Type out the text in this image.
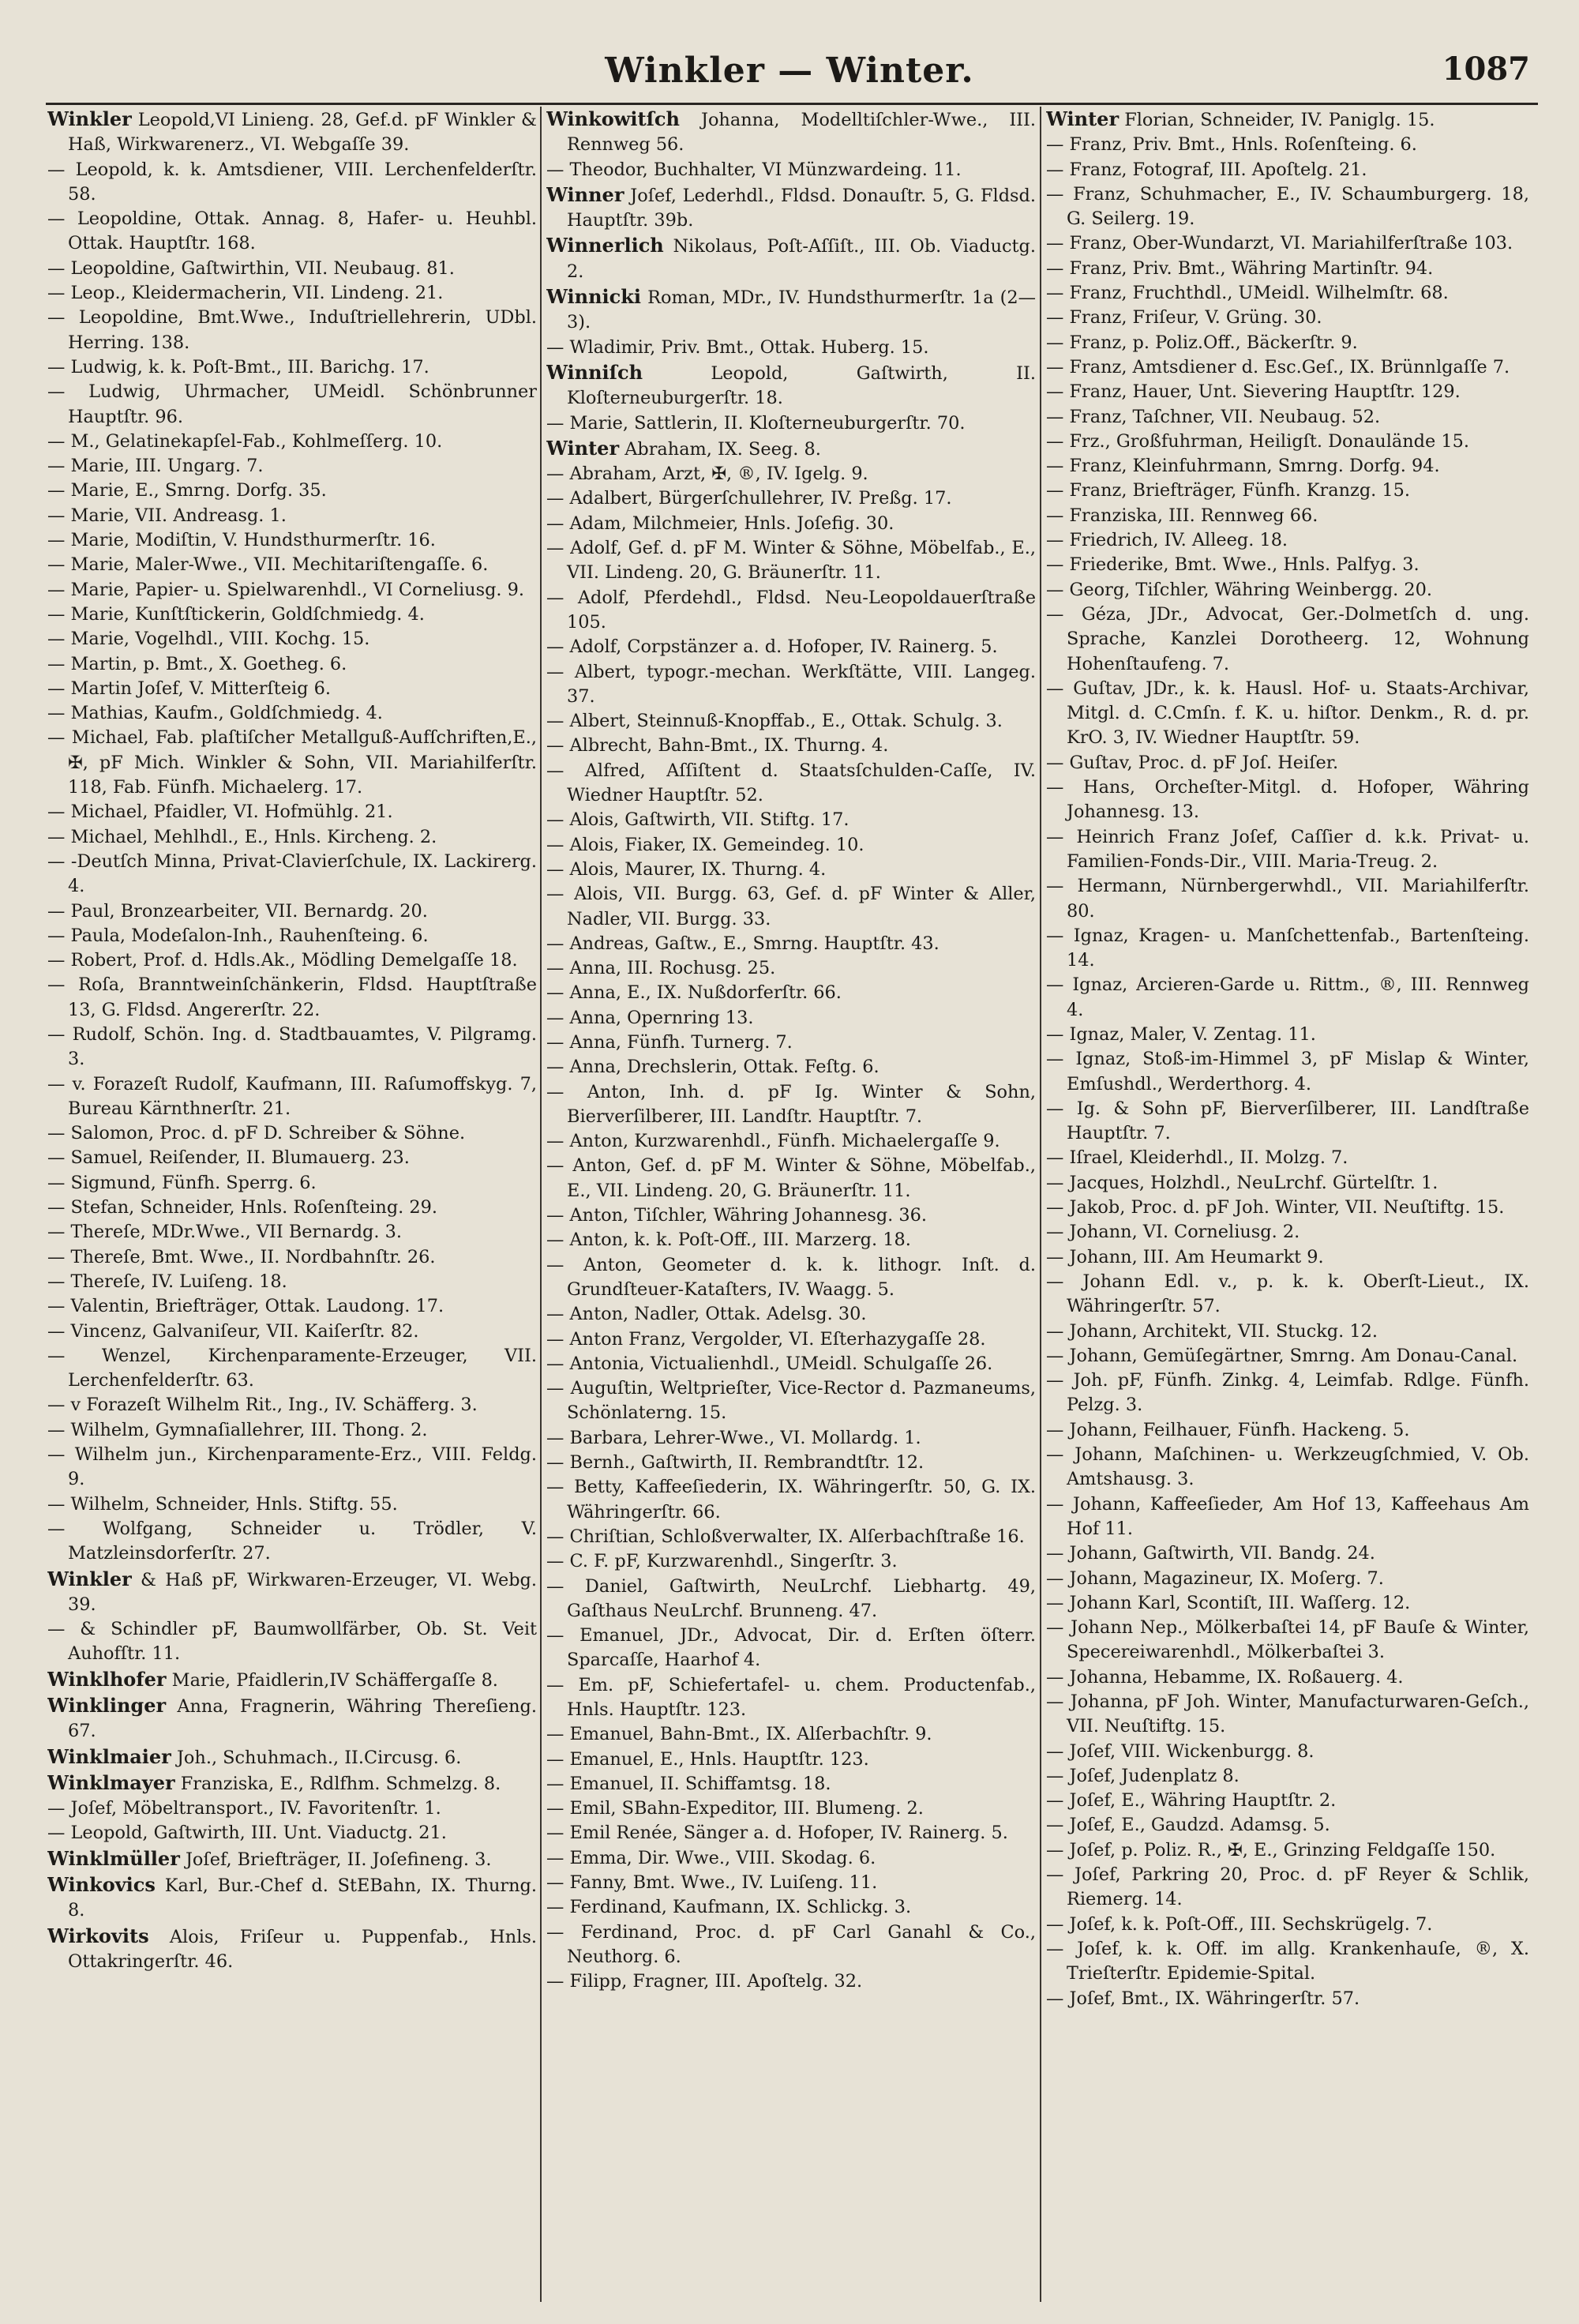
Winkler — Winter.	1087
Winkler Leopold,VI Linieng. 28, Gef.d. pF Winkler & Haß, Wirkwarenerz., VI. Webgaſſe 39.
— Leopold, k. k. Amtsdiener, VIII. Lerchenfelderſtr. 58.
— Leopoldine, Ottak. Annag. 8, Hafer- u. Heuhbl. Ottak. Hauptſtr. 168.
— Leopoldine, Gaſtwirthin, VII. Neubaug. 81.
— Leop., Kleidermacherin, VII. Lindeng. 21.
— Leopoldine, Bmt.Wwe., Induſtriellehrerin, UDbl. Herring. 138.
— Ludwig, k. k. Poſt-Bmt., III. Barichg. 17.
— Ludwig, Uhrmacher, UMeidl. Schönbrunner Hauptſtr. 96.
— M., Gelatinekapſel-Fab., Kohlmeſſerg. 10.
— Marie, III. Ungarg. 7.
— Marie, E., Smrng. Dorfg. 35.
— Marie, VII. Andreasg. 1.
— Marie, Modiſtin, V. Hundsthurmerſtr. 16.
— Marie, Maler-Wwe., VII. Mechitariſtengaſſe. 6.
— Marie, Papier- u. Spielwarenhdl., VI Corneliusg. 9.
— Marie, Kunſtſtickerin, Goldſchmiedg. 4.
— Marie, Vogelhdl., VIII. Kochg. 15.
— Martin, p. Bmt., X. Goetheg. 6.
— Martin Joſef, V. Mitterſteig 6.
— Mathias, Kaufm., Goldſchmiedg. 4.
— Michael, Fab. plaſtiſcher Metallguß-Aufſchriften,E., ✠, pF Mich. Winkler & Sohn, VII. Mariahilferſtr. 118, Fab. Fünfh. Michaelerg. 17.
— Michael, Pfaidler, VI. Hofmühlg. 21.
— Michael, Mehlhdl., E., Hnls. Kircheng. 2.
— -Deutſch Minna, Privat-Clavierſchule, IX. Lackirerg. 4.
— Paul, Bronzearbeiter, VII. Bernardg. 20.
— Paula, Modeſalon-Inh., Rauhenſteing. 6.
— Robert, Prof. d. Hdls.Ak., Mödling Demelgaſſe 18.
— Roſa, Branntweinſchänkerin, Fldsd. Hauptſtraße 13, G. Fldsd. Angererſtr. 22.
— Rudolf, Schön. Ing. d. Stadtbauamtes, V. Pilgramg. 3.
— v. Forazeſt Rudolf, Kaufmann, III. Raſumoffskyg. 7, Bureau Kärnthnerſtr. 21.
— Salomon, Proc. d. pF D. Schreiber & Söhne.
— Samuel, Reiſender, II. Blumauerg. 23.
— Sigmund, Fünfh. Sperrg. 6.
— Stefan, Schneider, Hnls. Roſenſteing. 29.
— Thereſe, MDr.Wwe., VII Bernardg. 3.
— Thereſe, Bmt. Wwe., II. Nordbahnſtr. 26.
— Thereſe, IV. Luiſeng. 18.
— Valentin, Briefträger, Ottak. Laudong. 17.
— Vincenz, Galvaniſeur, VII. Kaiſerſtr. 82.
— Wenzel, Kirchenparamente-Erzeuger, VII. Lerchenfelderſtr. 63.
— v Forazeſt Wilhelm Rit., Ing., IV. Schäfferg. 3.
— Wilhelm, Gymnaſiallehrer, III. Thong. 2.
— Wilhelm jun., Kirchenparamente-Erz., VIII. Feldg. 9.
— Wilhelm, Schneider, Hnls. Stiftg. 55.
— Wolfgang, Schneider u. Trödler, V. Matzleinsdorferſtr. 27.
Winkler & Haß pF, Wirkwaren-Erzeuger, VI. Webg. 39.
— & Schindler pF, Baumwollfärber, Ob. St. Veit Auhofſtr. 11.
Winklhofer Marie, Pfaidlerin,IV Schäffergaſſe 8.
Winklinger Anna, Fragnerin, Währing Thereſieng. 67.
Winklmaier Joh., Schuhmach., II.Circusg. 6.
Winklmayer Franziska, E., Rdlfhm. Schmelzg. 8.
— Joſef, Möbeltransport., IV. Favoritenſtr. 1.
— Leopold, Gaſtwirth, III. Unt. Viaductg. 21.
Winklmüller Joſef, Briefträger, II. Joſefineng. 3.
Winkovics Karl, Bur.-Chef d. StEBahn, IX. Thurng. 8.
Wirkovits Alois, Friſeur u. Puppenfab., Hnls. Ottakringerſtr. 46.
Winkowitſch Johanna, Modelltiſchler-Wwe., III. Rennweg 56.
— Theodor, Buchhalter, VI Münzwardeing. 11.
Winner Joſef, Lederhdl., Fldsd. Donauſtr. 5, G. Fldsd. Hauptſtr. 39b.
Winnerlich Nikolaus, Poſt-Aſſiſt., III. Ob. Viaductg. 2.
Winnicki Roman, MDr., IV. Hundsthurmerſtr. 1a (2—3).
— Wladimir, Priv. Bmt., Ottak. Huberg. 15.
Winniſch Leopold, Gaſtwirth, II. Kloſterneuburgerſtr. 18.
— Marie, Sattlerin, II. Kloſterneuburgerſtr. 70.
Winter Abraham, IX. Seeg. 8.
— Abraham, Arzt, ✠, ®, IV. Igelg. 9.
— Adalbert, Bürgerſchullehrer, IV. Preßg. 17.
— Adam, Milchmeier, Hnls. Joſefig. 30.
— Adolf, Gef. d. pF M. Winter & Söhne, Möbelfab., E., VII. Lindeng. 20, G. Bräunerſtr. 11.
— Adolf, Pferdehdl., Fldsd. Neu-Leopoldauerſtraße 105.
— Adolf, Corpstänzer a. d. Hofoper, IV. Rainerg. 5.
— Albert, typogr.-mechan. Werkſtätte, VIII. Langeg. 37.
— Albert, Steinnuß-Knopffab., E., Ottak. Schulg. 3.
— Albrecht, Bahn-Bmt., IX. Thurng. 4.
— Alfred, Aſſiſtent d. Staatsſchulden-Caſſe, IV. Wiedner Hauptſtr. 52.
— Alois, Gaſtwirth, VII. Stiftg. 17.
— Alois, Fiaker, IX. Gemeindeg. 10.
— Alois, Maurer, IX. Thurng. 4.
— Alois, VII. Burgg. 63, Gef. d. pF Winter & Aller, Nadler, VII. Burgg. 33.
— Andreas, Gaſtw., E., Smrng. Hauptſtr. 43.
— Anna, III. Rochusg. 25.
— Anna, E., IX. Nußdorferſtr. 66.
— Anna, Opernring 13.
— Anna, Fünfh. Turnerg. 7.
— Anna, Drechslerin, Ottak. Feſtg. 6.
— Anton, Inh. d. pF Ig. Winter & Sohn, Bierverſilberer, III. Landſtr. Hauptſtr. 7.
— Anton, Kurzwarenhdl., Fünfh. Michaelergaſſe 9.
— Anton, Gef. d. pF M. Winter & Söhne, Möbelfab., E., VII. Lindeng. 20, G. Bräunerſtr. 11.
— Anton, Tiſchler, Währing Johannesg. 36.
— Anton, k. k. Poſt-Off., III. Marzerg. 18.
— Anton, Geometer d. k. k. lithogr. Inſt. d. Grundſteuer-Kataſters, IV. Waagg. 5.
— Anton, Nadler, Ottak. Adelsg. 30.
— Anton Franz, Vergolder, VI. Eſterhazygaſſe 28.
— Antonia, Victualienhdl., UMeidl. Schulgaſſe 26.
— Auguſtin, Weltprieſter, Vice-Rector d. Pazmaneums, Schönlaterng. 15.
— Barbara, Lehrer-Wwe., VI. Mollardg. 1.
— Bernh., Gaſtwirth, II. Rembrandtſtr. 12.
— Betty, Kaffeeſiederin, IX. Währingerſtr. 50, G. IX. Währingerſtr. 66.
— Chriſtian, Schloßverwalter, IX. Alſerbachſtraße 16.
— C. F. pF, Kurzwarenhdl., Singerſtr. 3.
— Daniel, Gaſtwirth, NeuLrchf. Liebhartg. 49, Gaſthaus NeuLrchf. Brunneng. 47.
— Emanuel, JDr., Advocat, Dir. d. Erſten öſterr. Sparcaſſe, Haarhof 4.
— Em. pF, Schiefertafel- u. chem. Productenfab., Hnls. Hauptſtr. 123.
— Emanuel, Bahn-Bmt., IX. Alſerbachſtr. 9.
— Emanuel, E., Hnls. Hauptſtr. 123.
— Emanuel, II. Schiffamtsg. 18.
— Emil, SBahn-Expeditor, III. Blumeng. 2.
— Emil Renée, Sänger a. d. Hofoper, IV. Rainerg. 5.
— Emma, Dir. Wwe., VIII. Skodag. 6.
— Fanny, Bmt. Wwe., IV. Luiſeng. 11.
— Ferdinand, Kaufmann, IX. Schlickg. 3.
— Ferdinand, Proc. d. pF Carl Ganahl & Co., Neuthorg. 6.
— Filipp, Fragner, III. Apoſtelg. 32.
Winter Florian, Schneider, IV. Paniglg. 15.
— Franz, Priv. Bmt., Hnls. Roſenſteing. 6.
— Franz, Fotograf, III. Apoſtelg. 21.
— Franz, Schuhmacher, E., IV. Schaumburgerg. 18, G. Seilerg. 19.
— Franz, Ober-Wundarzt, VI. Mariahilferſtraße 103.
— Franz, Priv. Bmt., Währing Martinſtr. 94.
— Franz, Fruchthdl., UMeidl. Wilhelmſtr. 68.
— Franz, Friſeur, V. Grüng. 30.
— Franz, p. Poliz.Off., Bäckerſtr. 9.
— Franz, Amtsdiener d. Esc.Geſ., IX. Brünnlgaſſe 7.
— Franz, Hauer, Unt. Sievering Hauptſtr. 129.
— Franz, Taſchner, VII. Neubaug. 52.
— Frz., Großfuhrman, Heiligſt. Donaulände 15.
— Franz, Kleinfuhrmann, Smrng. Dorfg. 94.
— Franz, Briefträger, Fünfh. Kranzg. 15.
— Franziska, III. Rennweg 66.
— Friedrich, IV. Alleeg. 18.
— Friederike, Bmt. Wwe., Hnls. Palfyg. 3.
— Georg, Tiſchler, Währing Weinbergg. 20.
— Géza, JDr., Advocat, Ger.-Dolmetſch d. ung. Sprache, Kanzlei Dorotheerg. 12, Wohnung Hohenſtaufeng. 7.
— Guſtav, JDr., k. k. Hausl. Hof- u. Staats-Archivar, Mitgl. d. C.Cmſn. f. K. u. hiſtor. Denkm., R. d. pr. KrO. 3, IV. Wiedner Hauptſtr. 59.
— Guſtav, Proc. d. pF Joſ. Heiſer.
— Hans, Orcheſter-Mitgl. d. Hofoper, Währing Johannesg. 13.
— Heinrich Franz Joſef, Caſſier d. k.k. Privat- u. Familien-Fonds-Dir., VIII. Maria-Treug. 2.
— Hermann, Nürnbergerwhdl., VII. Mariahilferſtr. 80.
— Ignaz, Kragen- u. Manſchettenfab., Bartenſteing. 14.
— Ignaz, Arcieren-Garde u. Rittm., ®, III. Rennweg 4.
— Ignaz, Maler, V. Zentag. 11.
— Ignaz, Stoß-im-Himmel 3, pF Mislap & Winter, Emſushdl., Werderthorg. 4.
— Ig. & Sohn pF, Bierverſilberer, III. Landſtraße Hauptſtr. 7.
— Iſrael, Kleiderhdl., II. Molzg. 7.
— Jacques, Holzhdl., NeuLrchf. Gürtelſtr. 1.
— Jakob, Proc. d. pF Joh. Winter, VII. Neuſtiftg. 15.
— Johann, VI. Corneliusg. 2.
— Johann, III. Am Heumarkt 9.
— Johann Edl. v., p. k. k. Oberſt-Lieut., IX. Währingerſtr. 57.
— Johann, Architekt, VII. Stuckg. 12.
— Johann, Gemüſegärtner, Smrng. Am Donau-Canal.
— Joh. pF, Fünfh. Zinkg. 4, Leimfab. Rdlge. Fünfh. Pelzg. 3.
— Johann, Feilhauer, Fünfh. Hackeng. 5.
— Johann, Maſchinen- u. Werkzeugſchmied, V. Ob. Amtshausg. 3.
— Johann, Kaffeeſieder, Am Hof 13, Kaffeehaus Am Hof 11.
— Johann, Gaſtwirth, VII. Bandg. 24.
— Johann, Magazineur, IX. Moſerg. 7.
— Johann Karl, Scontiſt, III. Waſſerg. 12.
— Johann Nep., Mölkerbaſtei 14, pF Bauſe & Winter, Specereiwarenhdl., Mölkerbaſtei 3.
— Johanna, Hebamme, IX. Roßauerg. 4.
— Johanna, pF Joh. Winter, Manufacturwaren-Geſch., VII. Neuſtiftg. 15.
— Joſef, VIII. Wickenburgg. 8.
— Joſef, Judenplatz 8.
— Joſef, E., Währing Hauptſtr. 2.
— Joſef, E., Gaudzd. Adamsg. 5.
— Joſef, p. Poliz. R., ✠, E., Grinzing Feldgaſſe 150.
— Joſef, Parkring 20, Proc. d. pF Reyer & Schlik, Riemerg. 14.
— Joſef, k. k. Poſt-Off., III. Sechskrügelg. 7.
— Joſef, k. k. Off. im allg. Krankenhauſe, ®, X. Trieſterſtr. Epidemie-Spital.
— Joſef, Bmt., IX. Währingerſtr. 57.
